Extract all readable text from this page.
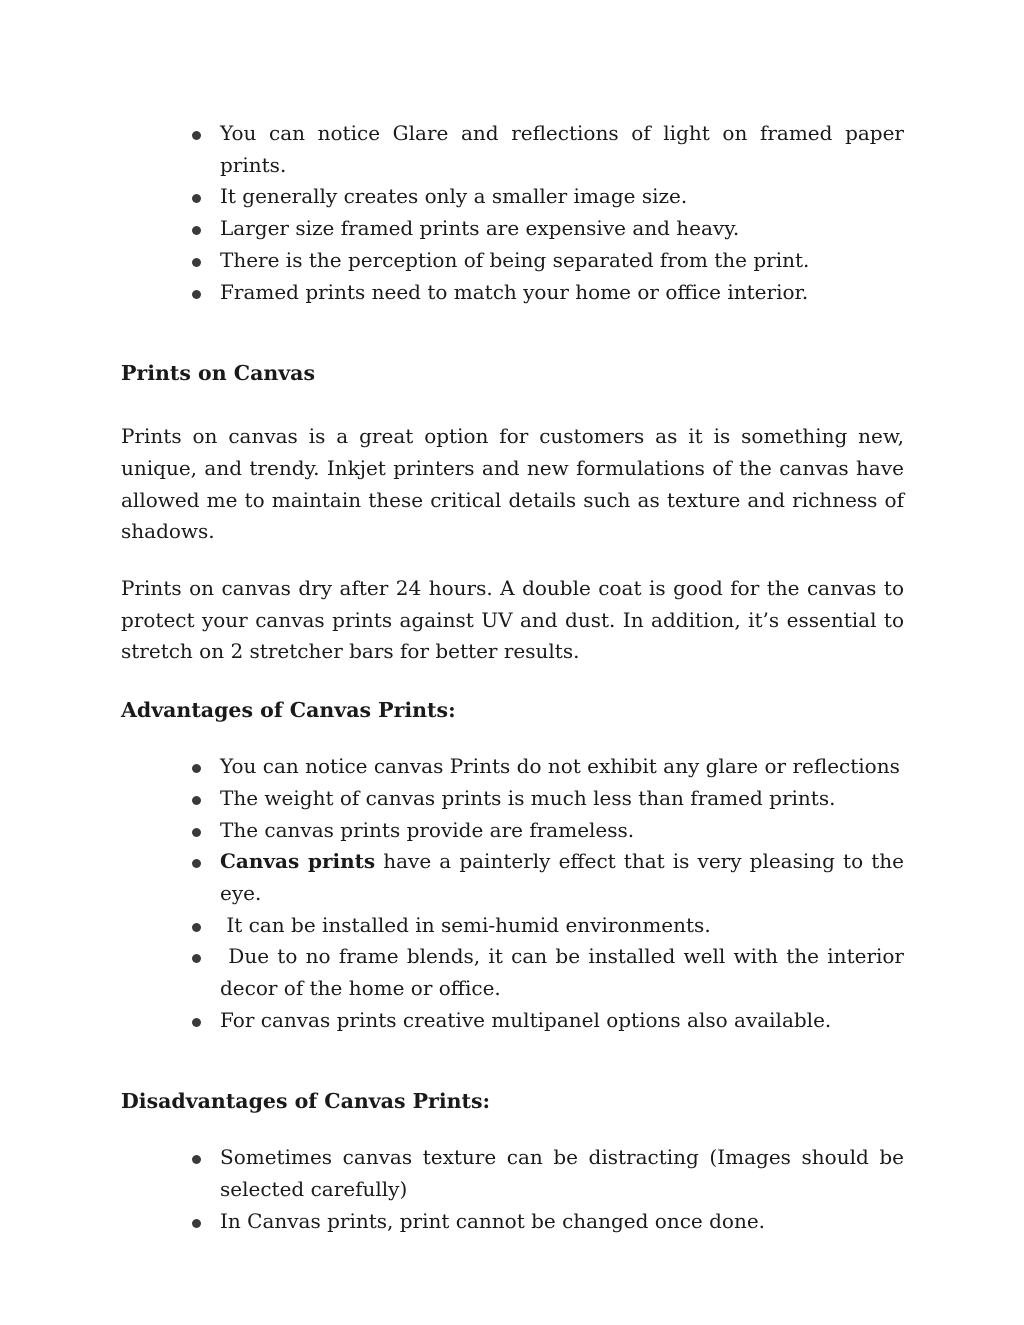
You can notice Glare and reflections of light on framed paper prints.
It generally creates only a smaller image size.
Larger size framed prints are expensive and heavy.
There is the perception of being separated from the print.
Framed prints need to match your home or office interior.
Prints on Canvas

Prints on canvas is a great option for customers as it is something new, unique, and trendy. Inkjet printers and new formulations of the canvas have allowed me to maintain these critical details such as texture and richness of shadows.

Prints on canvas dry after 24 hours. A double coat is good for the canvas to protect your canvas prints against UV and dust. In addition, it’s essential to stretch on 2 stretcher bars for better results.

Advantages of Canvas Prints:
You can notice canvas Prints do not exhibit any glare or reflections
The weight of canvas prints is much less than framed prints.
The canvas prints provide are frameless.
Canvas prints have a painterly effect that is very pleasing to the eye.
It can be installed in semi-humid environments.
Due to no frame blends, it can be installed well with the interior decor of the home or office.
For canvas prints creative multipanel options also available.
Disadvantages of Canvas Prints:
Sometimes canvas texture can be distracting (Images should be selected carefully)
In Canvas prints, print cannot be changed once done.
